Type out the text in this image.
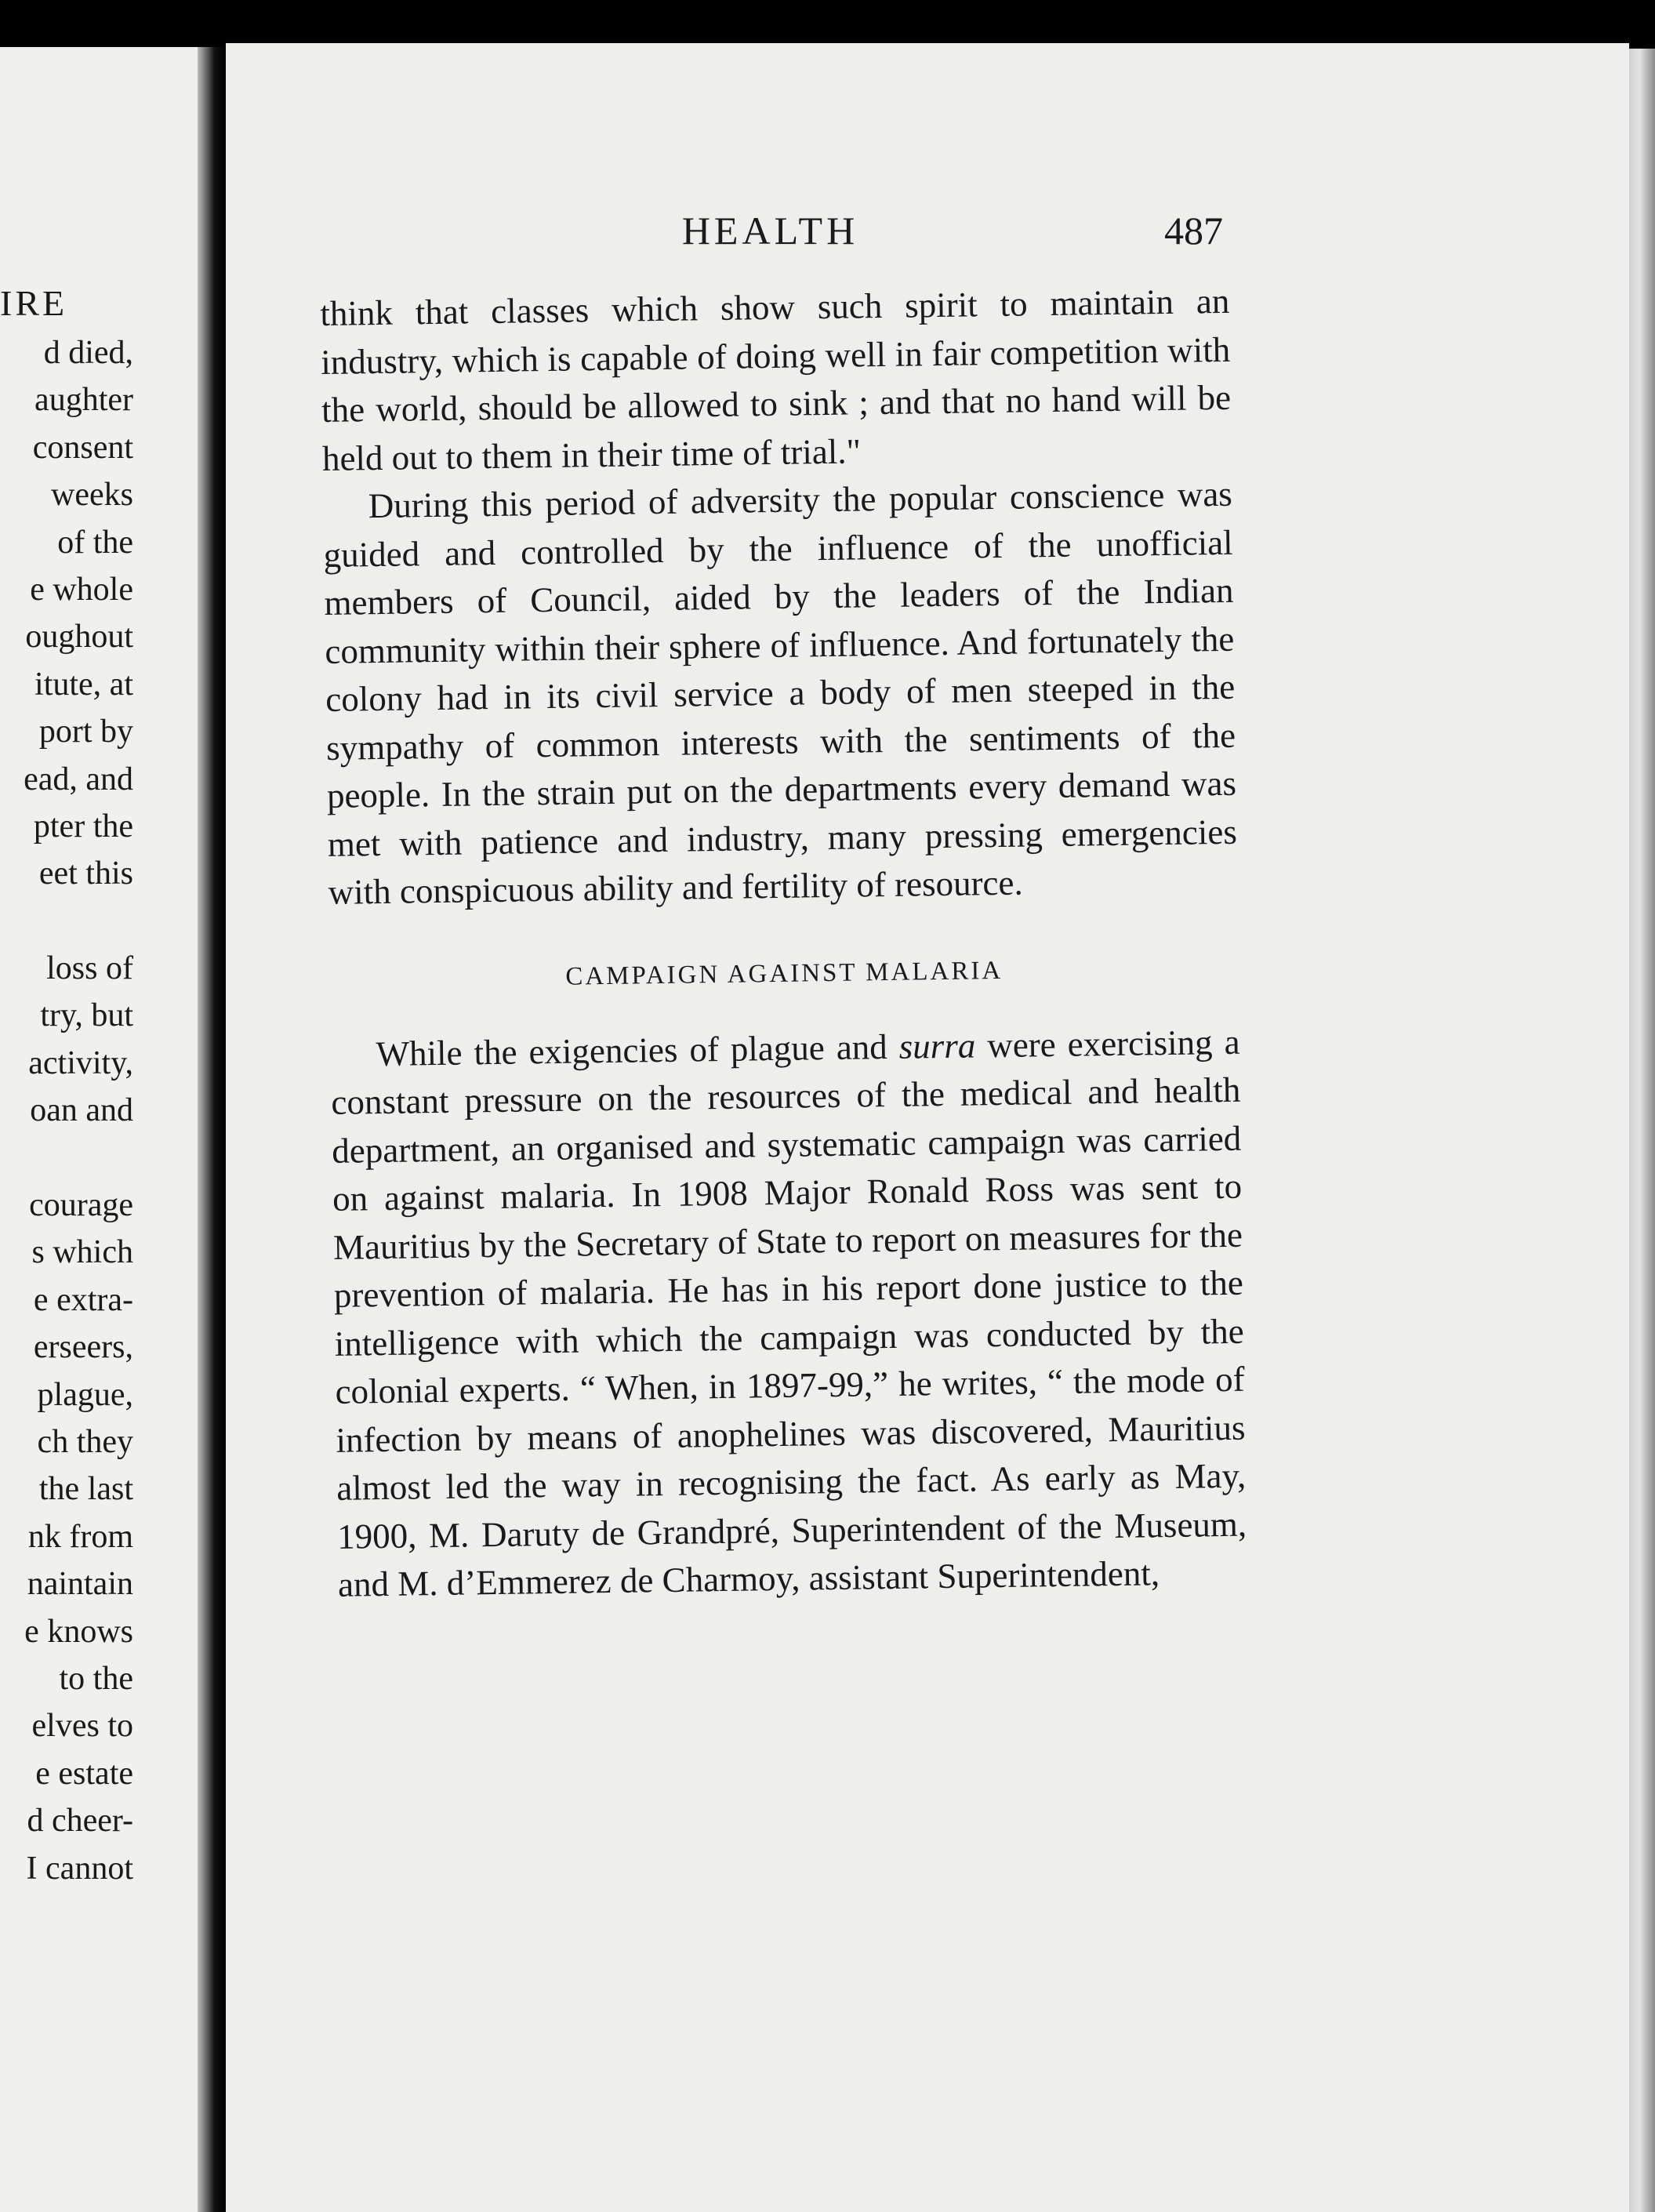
IRE
d died,
aughter
consent
weeks
of the
e whole
oughout
itute, at
port by
ead, and
pter the
eet this
loss of
try, but
activity,
oan and
courage
s which
e extra-
erseers,
plague,
ch they
the last
nk from
naintain
e knows
to the
elves to
e estate
d cheer-
I cannot
HEALTH	487

think that classes which show such spirit to maintain an industry, which is capable of doing well in fair competition with the world, should be allowed to sink ; and that no hand will be held out to them in their time of trial."

During this period of adversity the popular conscience was guided and controlled by the influence of the unofficial members of Council, aided by the leaders of the Indian community within their sphere of influence. And fortunately the colony had in its civil service a body of men steeped in the sympathy of common interests with the sentiments of the people. In the strain put on the departments every demand was met with patience and industry, many pressing emergencies with conspicuous ability and fertility of resource.

CAMPAIGN AGAINST MALARIA

While the exigencies of plague and surra were exercising a constant pressure on the resources of the medical and health department, an organised and systematic campaign was carried on against malaria. In 1908 Major Ronald Ross was sent to Mauritius by the Secretary of State to report on measures for the prevention of malaria. He has in his report done justice to the intelligence with which the campaign was conducted by the colonial experts. “ When, in 1897-99,” he writes, “ the mode of infection by means of anophelines was discovered, Mauritius almost led the way in recognising the fact. As early as May, 1900, M. Daruty de Grandpré, Superintendent of the Museum, and M. d’Emmerez de Charmoy, assistant Superintendent,
